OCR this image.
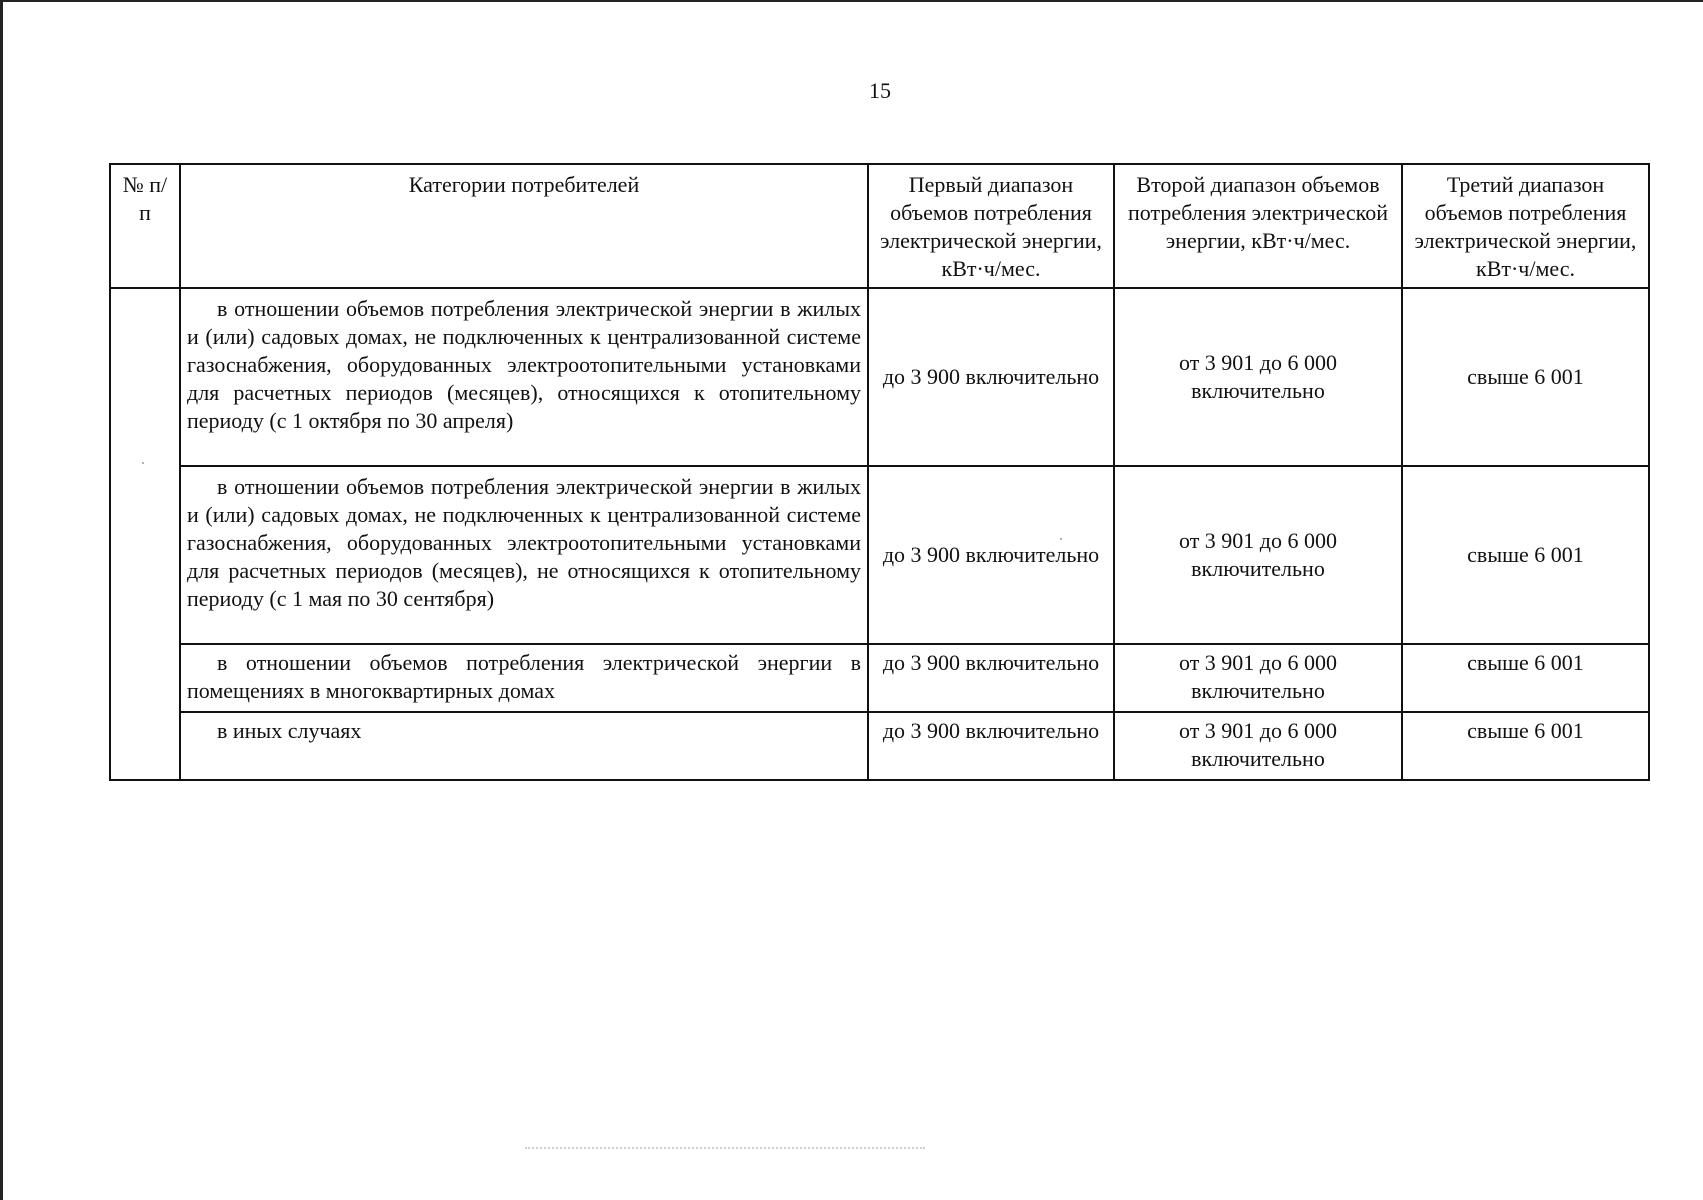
15
№ п/п	Категории потребителей	Первый диапазон объемов потребления электрической энергии, кВт·ч/мес.	Второй диапазон объемов потребления электрической энергии, кВт·ч/мес.	Третий диапазон объемов потребления электрической энергии, кВт·ч/мес.
	в отношении объемов потребления электрической энергии в жилых и (или) садовых домах, не подключенных к централизованной системе газоснабжения, оборудованных электроотопительными установками для расчетных периодов (месяцев), относящихся к отопительному периоду (с 1 октября по 30 апреля)	до 3 900 включительно	от 3 901 до 6 000 включительно	свыше 6 001
	в отношении объемов потребления электрической энергии в жилых и (или) садовых домах, не подключенных к централизованной системе газоснабжения, оборудованных электроотопительными установками для расчетных периодов (месяцев), не относящихся к отопительному периоду (с 1 мая по 30 сентября)	до 3 900 включительно	от 3 901 до 6 000 включительно	свыше 6 001
	в отношении объемов потребления электрической энергии в помещениях в многоквартирных домах	до 3 900 включительно	от 3 901 до 6 000 включительно	свыше 6 001
	в иных случаях	до 3 900 включительно	от 3 901 до 6 000 включительно	свыше 6 001
